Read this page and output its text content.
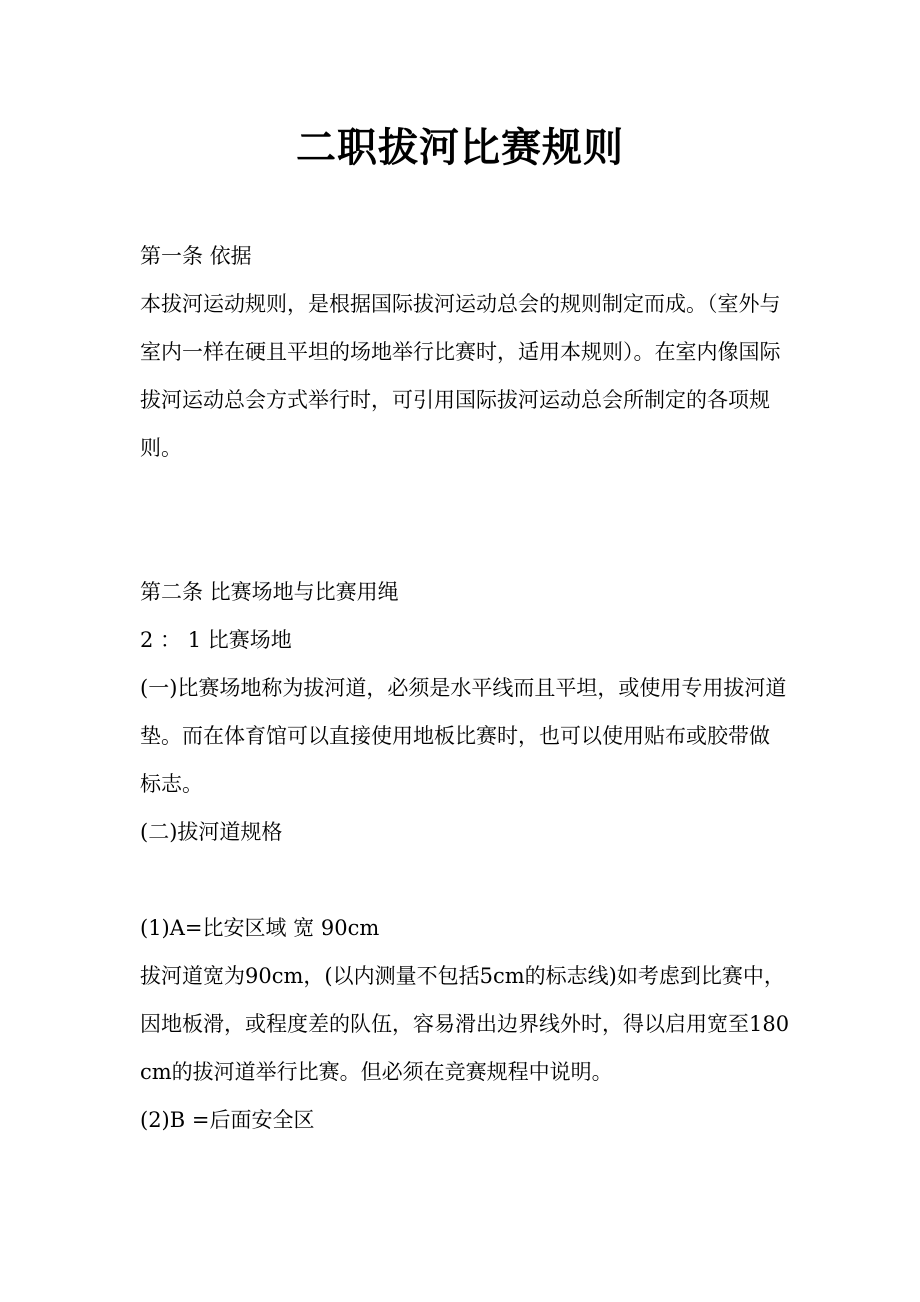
二职拔河比赛规则

第一条 依据

本拔河运动规则，是根据国际拔河运动总会的规则制定而成。（室外与室内一样在硬且平坦的场地举行比赛时，适用本规则）。在室内像国际拔河运动总会方式举行时，可引用国际拔河运动总会所制定的各项规则。

第二条 比赛场地与比赛用绳

2 ： 1 比赛场地

(一)比赛场地称为拔河道，必须是水平线而且平坦，或使用专用拔河道垫。而在体育馆可以直接使用地板比赛时，也可以使用贴布或胶带做标志。

(二)拔河道规格

(1)A=比安区域 宽 90cm

拔河道宽为90cm，(以内测量不包括5cm的标志线)如考虑到比赛中，因地板滑，或程度差的队伍，容易滑出边界线外时，得以启用宽至180cm的拔河道举行比赛。但必须在竞赛规程中说明。

(2)B =后面安全区
